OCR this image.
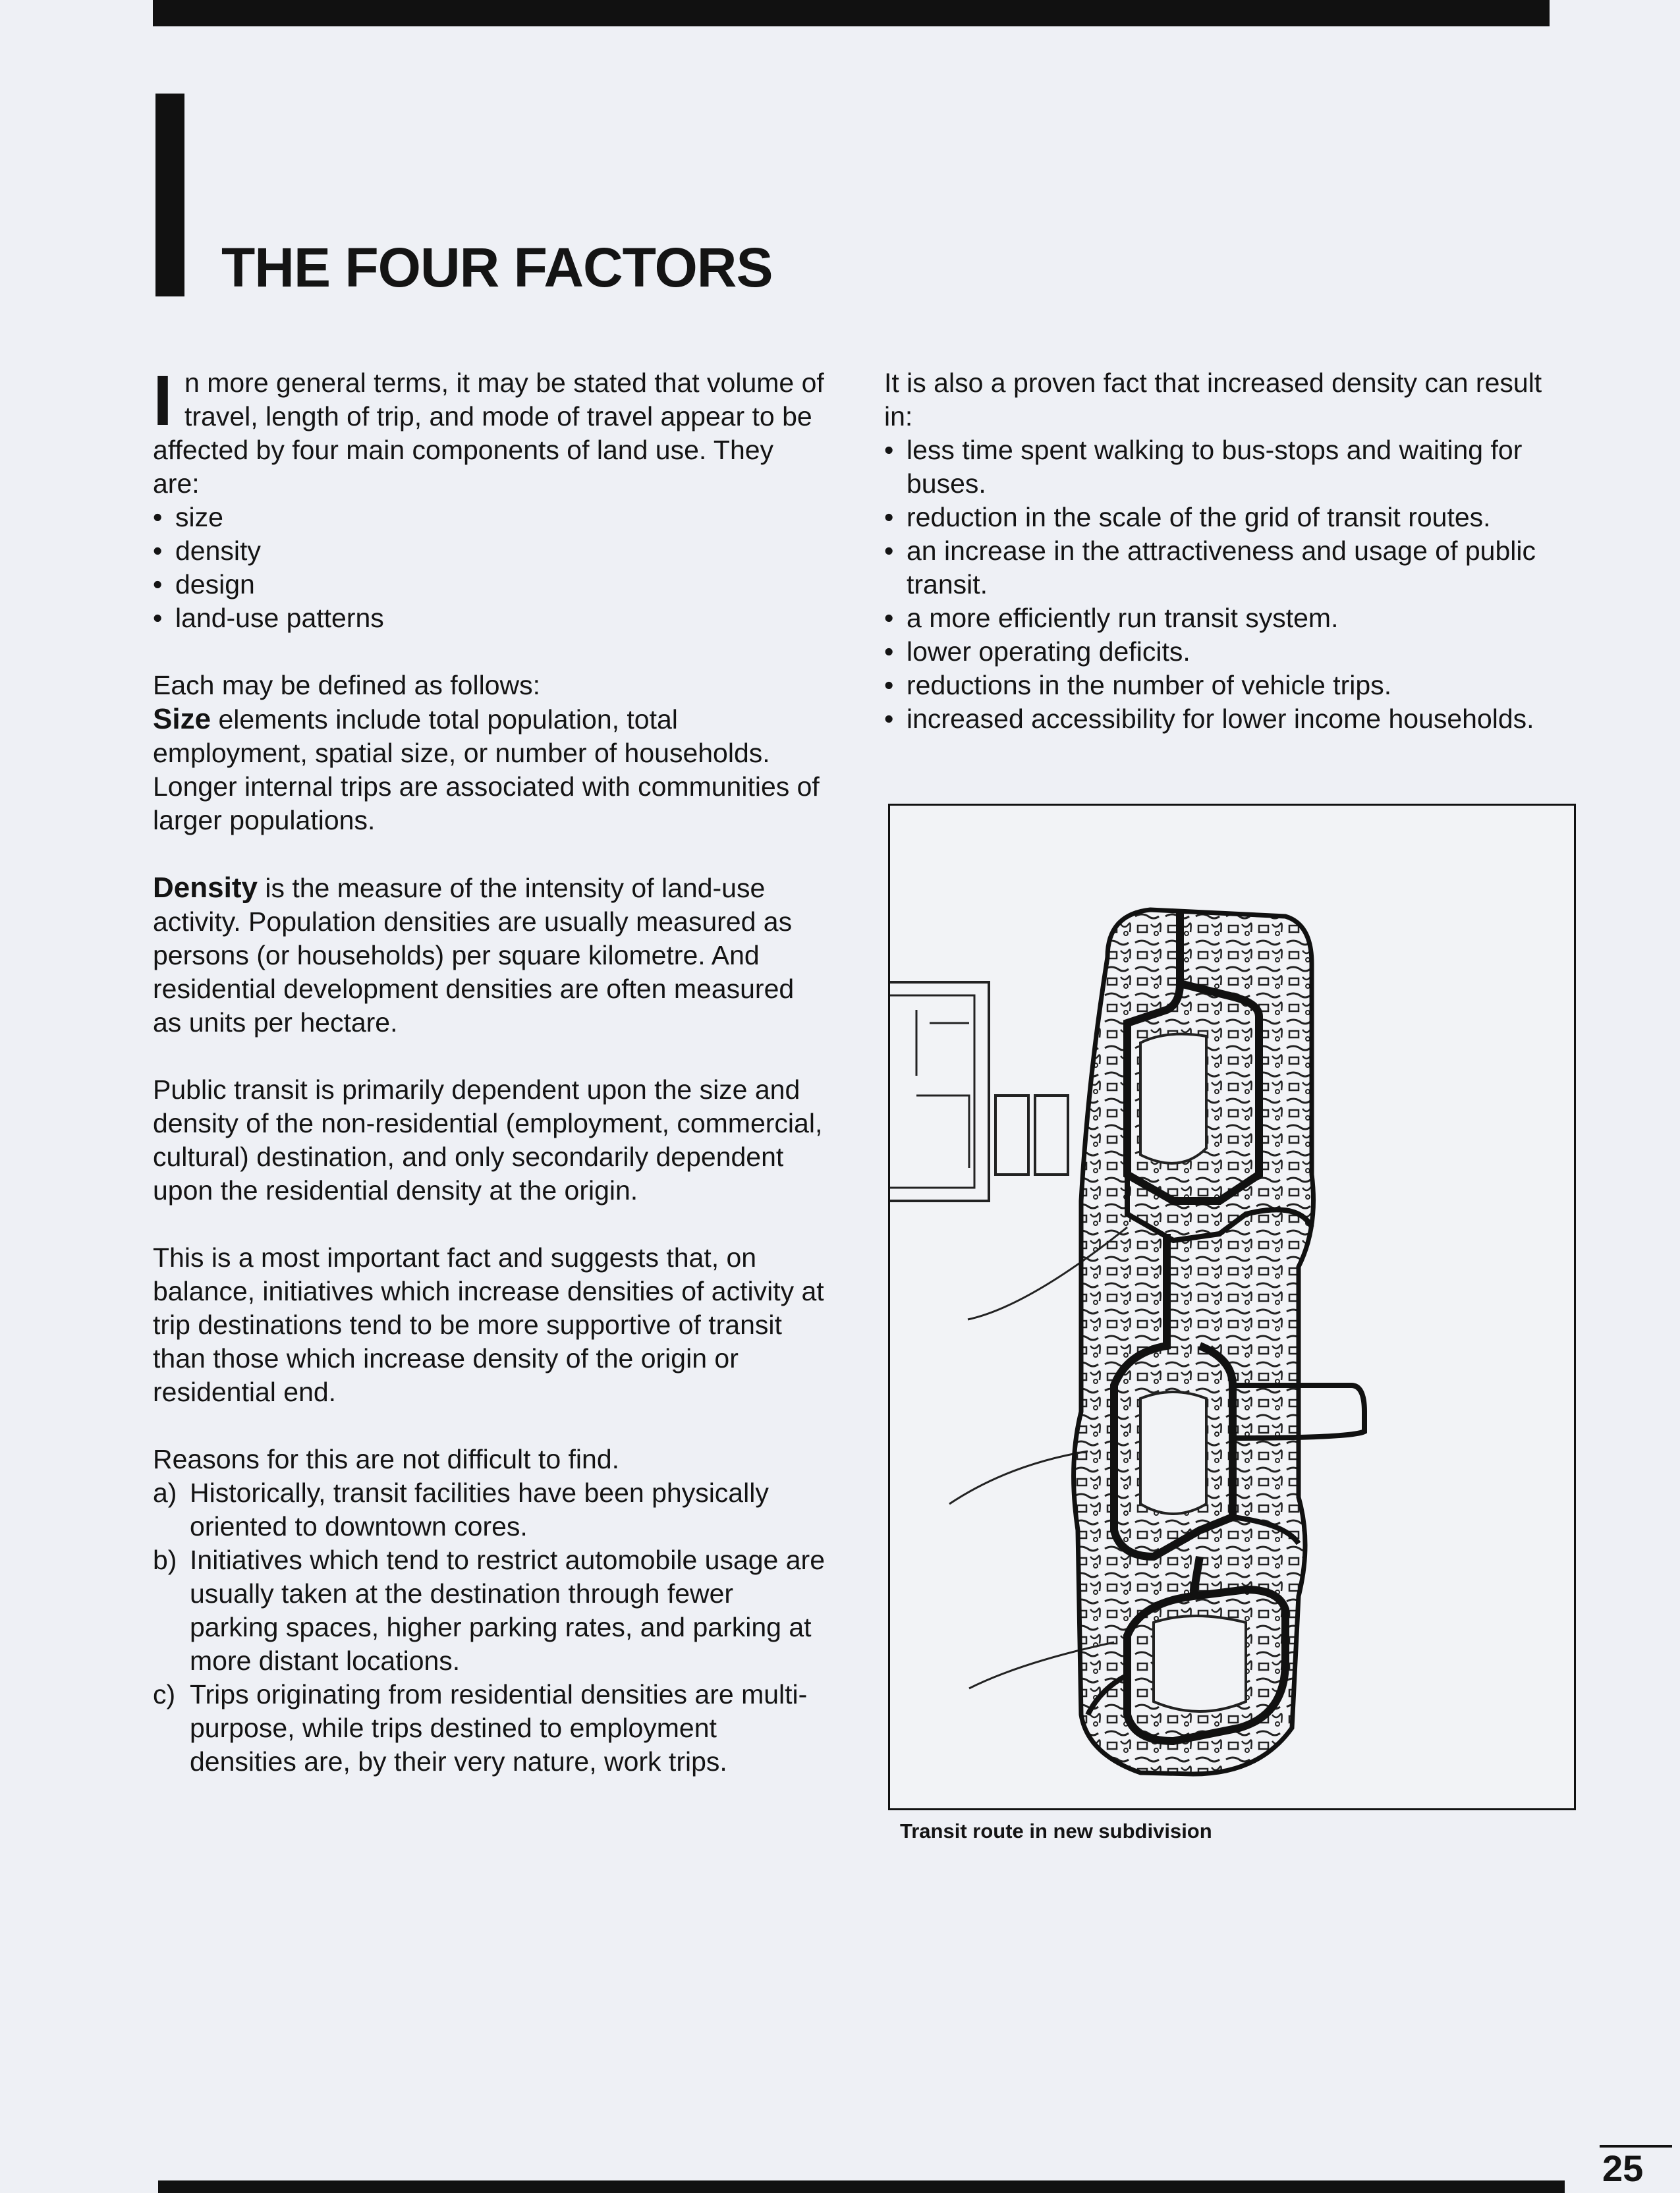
THE FOUR FACTORS

In more general terms, it may be stated that volume of travel, length of trip, and mode of travel appear to be affected by four main components of land use. They are:

• size
• density
• design
• land-use patterns

Each may be defined as follows:

Size elements include total population, total employment, spatial size, or number of households. Longer internal trips are associated with communities of larger populations.

Density is the measure of the intensity of land-use activity. Population densities are usually measured as persons (or households) per square kilometre. And residential development densities are often measured as units per hectare.

Public transit is primarily dependent upon the size and density of the non-residential (employment, commercial, cultural) destination, and only secondarily dependent upon the residential density at the origin.

This is a most important fact and suggests that, on balance, initiatives which increase densities of activity at trip destinations tend to be more supportive of transit than those which increase density of the origin or residential end.

Reasons for this are not difficult to find.

a) Historically, transit facilities have been physically oriented to downtown cores.
b) Initiatives which tend to restrict automobile usage are usually taken at the destination through fewer parking spaces, higher parking rates, and parking at more distant locations.
c) Trips originating from residential densities are multi-purpose, while trips destined to employment densities are, by their very nature, work trips.

It is also a proven fact that increased density can result in:

• less time spent walking to bus-stops and waiting for buses.
• reduction in the scale of the grid of transit routes.
• an increase in the attractiveness and usage of public transit.
• a more efficiently run transit system.
• lower operating deficits.
• reductions in the number of vehicle trips.
• increased accessibility for lower income households.
Transit route in new subdivision
25
